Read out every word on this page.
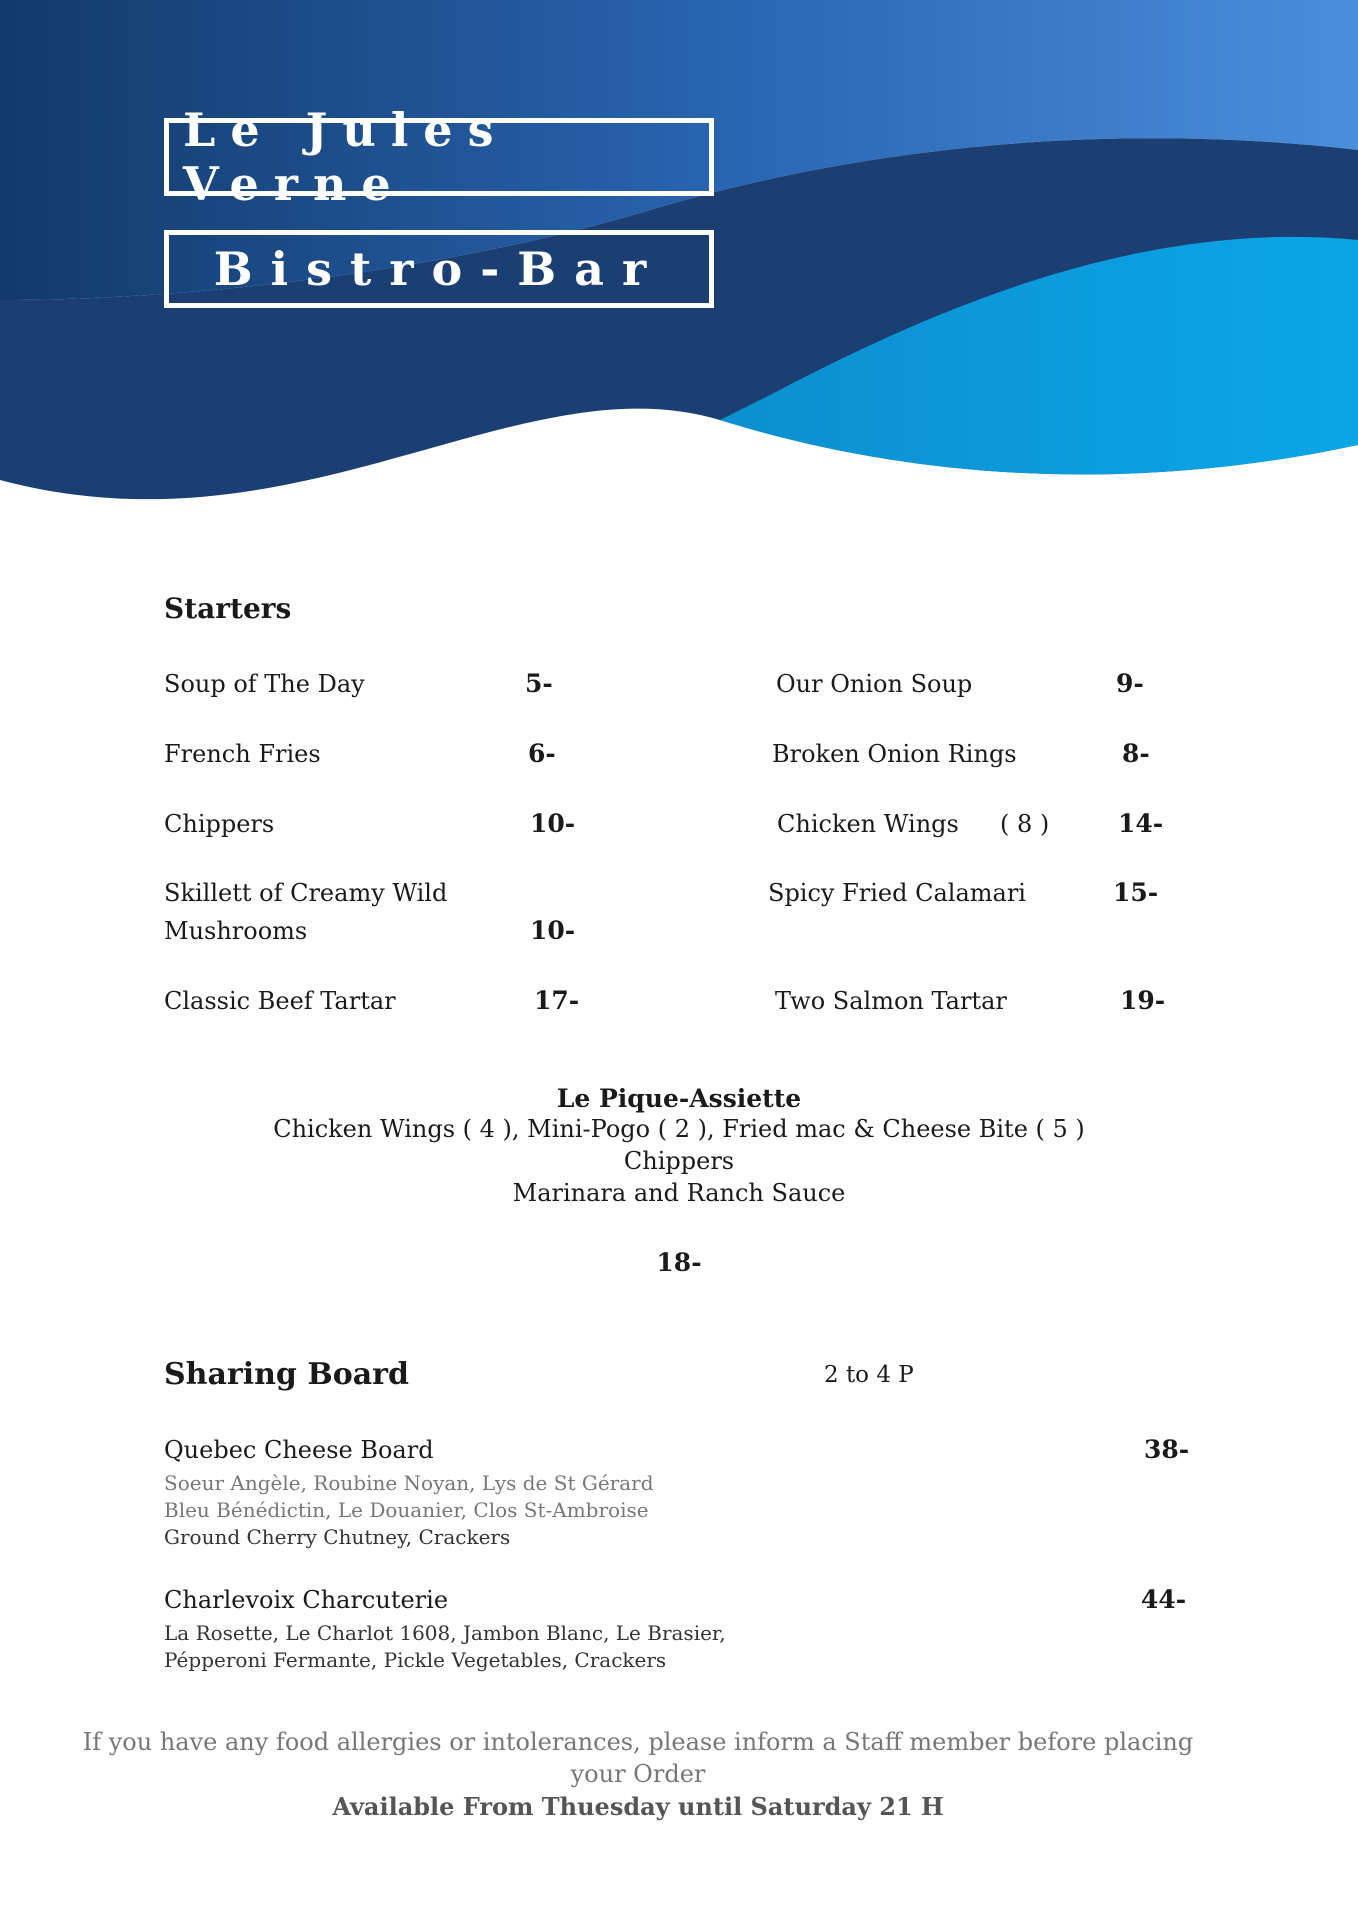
Le Jules Verne
Bistro-Bar
Starters
Soup of The Day	5-
French Fries	6-
Chippers	10-
Skillett of Creamy Wild
Mushrooms	10-
Classic Beef Tartar	17-
Our Onion Soup	9-
Broken Onion Rings	8-
Chicken Wings ( 8 )	14-
Spicy Fried Calamari	15-
Two Salmon Tartar	19-
Le Pique-Assiette
Chicken Wings ( 4 ), Mini-Pogo ( 2 ), Fried mac & Cheese Bite ( 5 )
Chippers
Marinara and Ranch Sauce
18-
Sharing Board	2 to 4 P
Quebec Cheese Board	38-
Soeur Angèle, Roubine Noyan, Lys de St Gérard
Bleu Bénédictin, Le Douanier, Clos St-Ambroise
Ground Cherry Chutney, Crackers
Charlevoix Charcuterie	44-
La Rosette, Le Charlot 1608, Jambon Blanc, Le Brasier,
Pépperoni Fermante, Pickle Vegetables, Crackers
If you have any food allergies or intolerances, please inform a Staff member before placing
your Order
Available From Thuesday until Saturday 21 H
